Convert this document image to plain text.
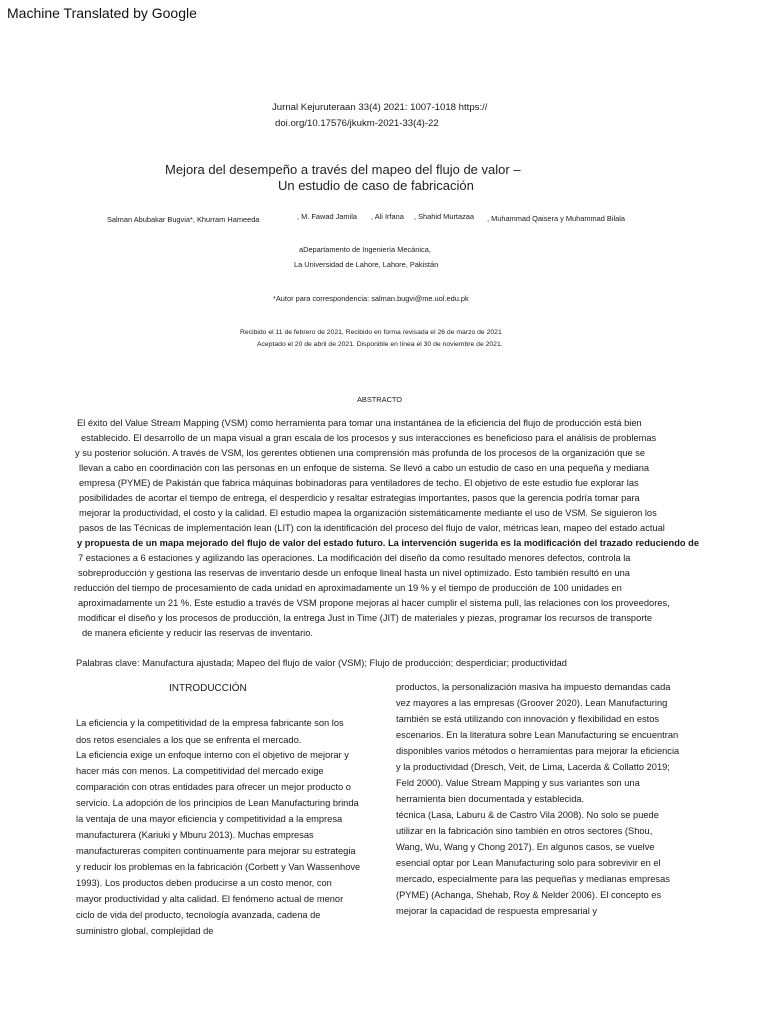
Machine Translated by Google
Jurnal Kejuruteraan 33(4) 2021: 1007-1018 https://
doi.org/10.17576/jkukm-2021-33(4)-22
Mejora del desempeño a través del mapeo del flujo de valor –
Un estudio de caso de fabricación
Salman Abubakar Bugvia*, Khurram Hameeda	, M. Fawad Jamila , Ali Irfana , Shahid Murtazaa , Muhammad Qaisera y Muhammad Bilala
aDepartamento de Ingeniería Mecánica,
La Universidad de Lahore, Lahore, Pakistán
*Autor para correspondencia: salman.bugvi@me.uol.edu.pk
Recibido el 11 de febrero de 2021, Recibido en forma revisada el 26 de marzo de 2021
Aceptado el 20 de abril de 2021. Disponible en línea el 30 de noviembre de 2021.
ABSTRACTO
El éxito del Value Stream Mapping (VSM) como herramienta para tomar una instantánea de la eficiencia del flujo de producción está bien
establecido. El desarrollo de un mapa visual a gran escala de los procesos y sus interacciones es beneficioso para el análisis de problemas
y su posterior solución. A través de VSM, los gerentes obtienen una comprensión más profunda de los procesos de la organización que se
llevan a cabo en coordinación con las personas en un enfoque de sistema. Se llevó a cabo un estudio de caso en una pequeña y mediana
empresa (PYME) de Pakistán que fabrica máquinas bobinadoras para ventiladores de techo. El objetivo de este estudio fue explorar las
posibilidades de acortar el tiempo de entrega, el desperdicio y resaltar estrategias importantes, pasos que la gerencia podría tomar para
mejorar la productividad, el costo y la calidad. El estudio mapea la organización sistemáticamente mediante el uso de VSM. Se siguieron los
pasos de las Técnicas de implementación lean (LIT) con la identificación del proceso del flujo de valor, métricas lean, mapeo del estado actual
y propuesta de un mapa mejorado del flujo de valor del estado futuro. La intervención sugerida es la modificación del trazado reduciendo de
7 estaciones a 6 estaciones y agilizando las operaciones. La modificación del diseño da como resultado menores defectos, controla la
sobreproducción y gestiona las reservas de inventario desde un enfoque lineal hasta un nivel optimizado. Esto también resultó en una
reducción del tiempo de procesamiento de cada unidad en aproximadamente un 19 % y el tiempo de producción de 100 unidades en
aproximadamente un 21 %. Este estudio a través de VSM propone mejoras al hacer cumplir el sistema pull, las relaciones con los proveedores,
modificar el diseño y los procesos de producción, la entrega Just in Time (JIT) de materiales y piezas, programar los recursos de transporte
de manera eficiente y reducir las reservas de inventario.
Palabras clave: Manufactura ajustada; Mapeo del flujo de valor (VSM); Flujo de producción; desperdiciar; productividad
INTRODUCCIÓN
La eficiencia y la competitividad de la empresa fabricante son los
dos retos esenciales a los que se enfrenta el mercado.
La eficiencia exige un enfoque interno con el objetivo de mejorar y
hacer más con menos. La competitividad del mercado exige
comparación con otras entidades para ofrecer un mejor producto o
servicio. La adopción de los principios de Lean Manufacturing brinda
la ventaja de una mayor eficiencia y competitividad a la empresa
manufacturera (Kariuki y Mburu 2013). Muchas empresas
manufactureras compiten continuamente para mejorar su estrategia
y reducir los problemas en la fabricación (Corbett y Van Wassenhove
1993). Los productos deben producirse a un costo menor, con
mayor productividad y alta calidad. El fenómeno actual de menor
ciclo de vida del producto, tecnología avanzada, cadena de
suministro global, complejidad de
productos, la personalización masiva ha impuesto demandas cada
vez mayores a las empresas (Groover 2020). Lean Manufacturing
también se está utilizando con innovación y flexibilidad en estos
escenarios. En la literatura sobre Lean Manufacturing se encuentran
disponibles varios métodos o herramientas para mejorar la eficiencia
y la productividad (Dresch, Veit, de Lima, Lacerda & Collatto 2019;
Feld 2000). Value Stream Mapping y sus variantes son una
herramienta bien documentada y establecida.
técnica (Lasa, Laburu & de Castro Vila 2008). No solo se puede
utilizar en la fabricación sino también en otros sectores (Shou,
Wang, Wu, Wang y Chong 2017). En algunos casos, se vuelve
esencial optar por Lean Manufacturing solo para sobrevivir en el
mercado, especialmente para las pequeñas y medianas empresas
(PYME) (Achanga, Shehab, Roy & Nelder 2006). El concepto es
mejorar la capacidad de respuesta empresarial y
